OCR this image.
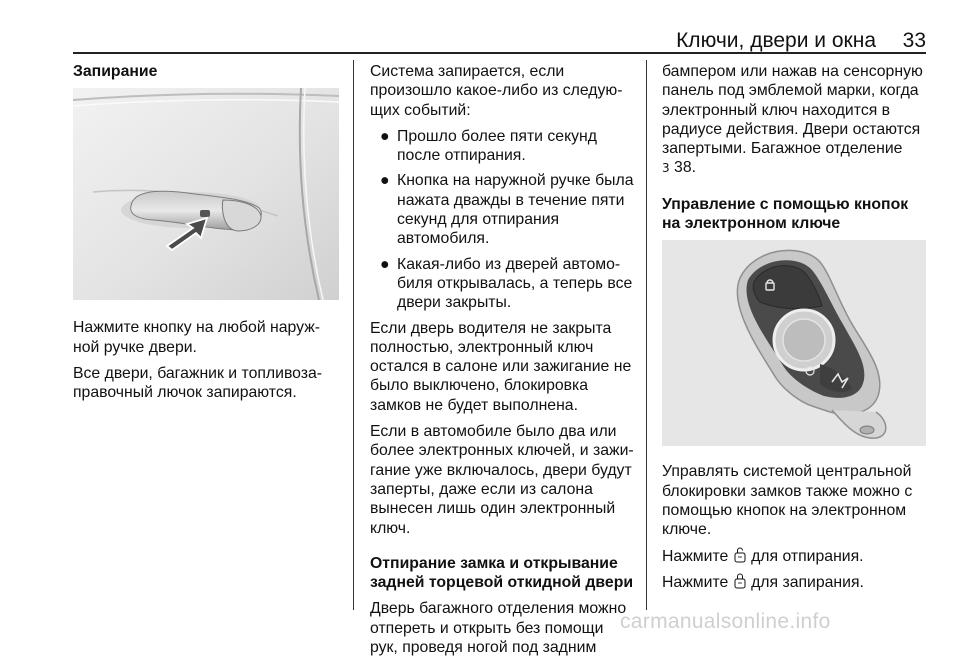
Ключи, двери и окна 33
Запирание

Нажмите кнопку на любой наруж-ной ручке двери.

Все двери, багажник и топливоза-правочный лючок запираются.

Система запирается, если произошло какое-либо из следую-щих событий:

● Прошло более пяти секунд после отпирания.
● Кнопка на наружной ручке была нажата дважды в течение пяти секунд для отпирания автомобиля.
● Какая-либо из дверей автомо-биля открывалась, а теперь все двери закрыты.

Если дверь водителя не закрыта полностью, электронный ключ остался в салоне или зажигание не было выключено, блокировка замков не будет выполнена.

Если в автомобиле было два или более электронных ключей, и зажи-гание уже включалось, двери будут заперты, даже если из салона вынесен лишь один электронный ключ.

Отпирание замка и открывание задней торцевой откидной двери

Дверь багажного отделения можно отпереть и открыть без помощи рук, проведя ногой под задним

бампером или нажав на сенсорную панель под эмблемой марки, когда электронный ключ находится в радиусе действия. Двери остаются запертыми. Багажное отделение
3 38.

Управление с помощью кнопок на электронном ключе

Управлять системой центральной блокировки замков также можно с помощью кнопок на электронном ключе.

Нажмите для отпирания.

Нажмите для запирания.

carmanualsonline.info
